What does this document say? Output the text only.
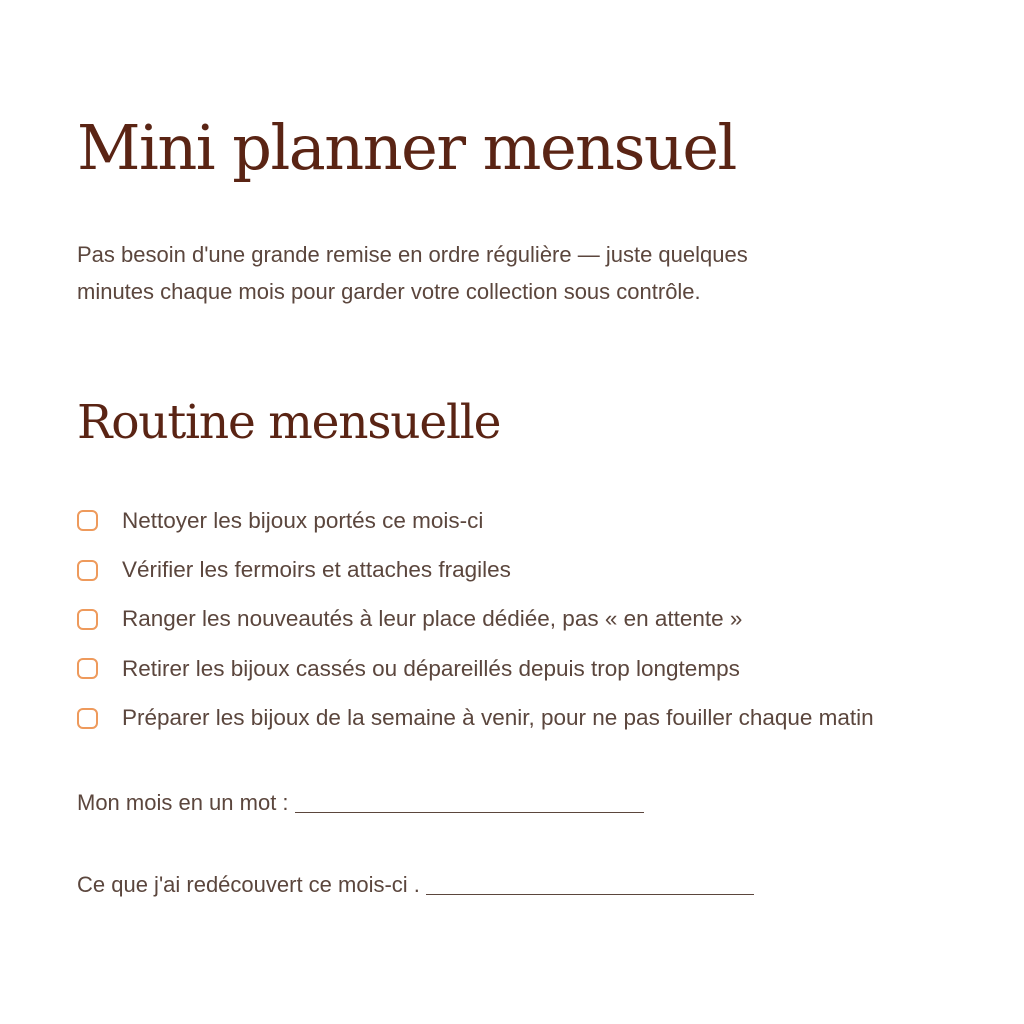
Mini planner mensuel

Pas besoin d'une grande remise en ordre régulière — juste quelques
minutes chaque mois pour garder votre collection sous contrôle.

Routine mensuelle
Nettoyer les bijoux portés ce mois-ci
Vérifier les fermoirs et attaches fragiles
Ranger les nouveautés à leur place dédiée, pas « en attente »
Retirer les bijoux cassés ou dépareillés depuis trop longtemps
Préparer les bijoux de la semaine à venir, pour ne pas fouiller chaque matin
Mon mois en un mot :
Ce que j'ai redécouvert ce mois-ci .
